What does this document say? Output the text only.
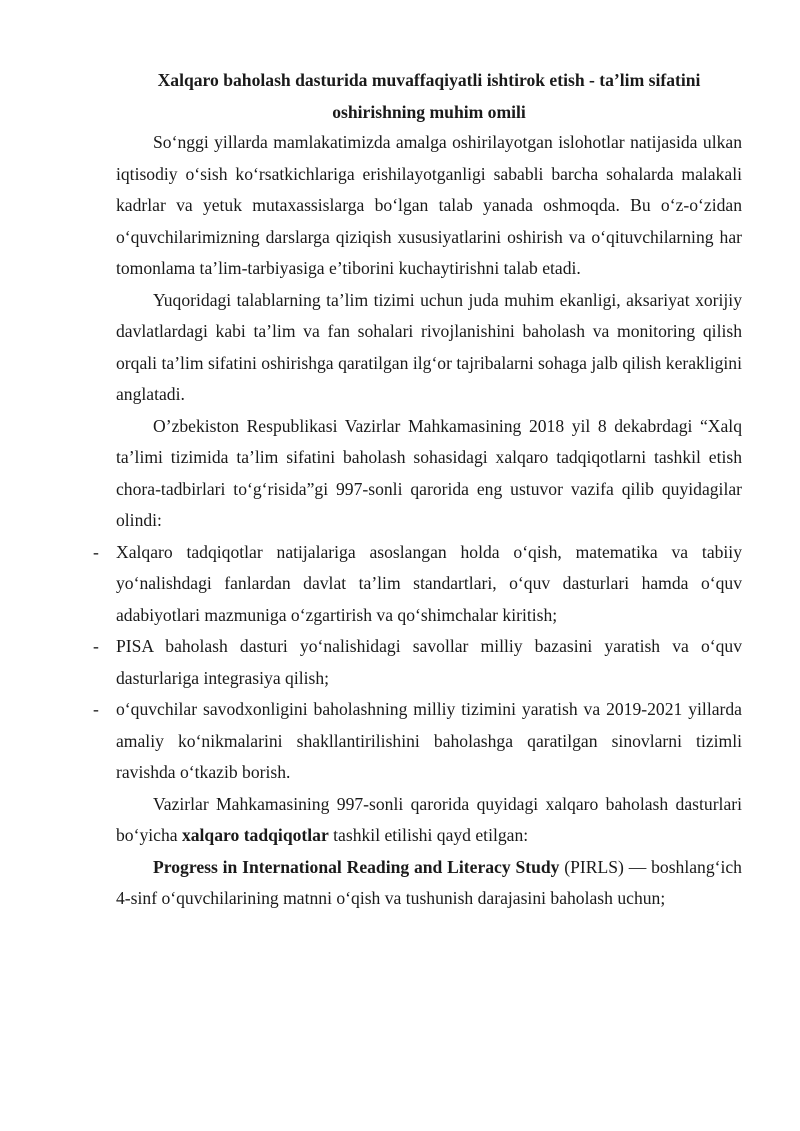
Xalqaro baholash dasturida muvaffaqiyatli ishtirok etish - ta’lim sifatini oshirishning muhim omili

So‘nggi yillarda mamlakatimizda amalga oshirilayotgan islohotlar natijasida ulkan iqtisodiy o‘sish ko‘rsatkichlariga erishilayotganligi sababli barcha sohalarda malakali kadrlar va yetuk mutaxassislarga bo‘lgan talab yanada oshmoqda. Bu o‘z-o‘zidan o‘quvchilarimizning darslarga qiziqish xususiyatlarini oshirish va o‘qituvchilarning har tomonlama ta’lim-tarbiyasiga e’tiborini kuchaytirishni talab etadi.

Yuqoridagi talablarning ta’lim tizimi uchun juda muhim ekanligi, aksariyat xorijiy davlatlardagi kabi ta’lim va fan sohalari rivojlanishini baholash va monitoring qilish orqali ta’lim sifatini oshirishga qaratilgan ilg‘or tajribalarni sohaga jalb qilish kerakligini anglatadi.

O’zbekiston Respublikasi Vazirlar Mahkamasining 2018 yil 8 dekabrdagi “Xalq ta’limi tizimida ta’lim sifatini baholash sohasidagi xalqaro tadqiqotlarni tashkil etish chora-tadbirlari to‘g‘risida”gi 997-sonli qarorida eng ustuvor vazifa qilib quyidagilar olindi:

- Xalqaro tadqiqotlar natijalariga asoslangan holda o‘qish, matematika va tabiiy yo‘nalishdagi fanlardan davlat ta’lim standartlari, o‘quv dasturlari hamda o‘quv adabiyotlari mazmuniga o‘zgartirish va qo‘shimchalar kiritish;

- PISA baholash dasturi yo‘nalishidagi savollar milliy bazasini yaratish va o‘quv dasturlariga integrasiya qilish;

- o‘quvchilar savodxonligini baholashning milliy tizimini yaratish va 2019-2021 yillarda amaliy ko‘nikmalarini shakllantirilishini baholashga qaratilgan sinovlarni tizimli ravishda o‘tkazib borish.

Vazirlar Mahkamasining 997-sonli qarorida quyidagi xalqaro baholash dasturlari bo‘yicha xalqaro tadqiqotlar tashkil etilishi qayd etilgan:

Progress in International Reading and Literacy Study (PIRLS) — boshlang‘ich 4-sinf o‘quvchilarining matnni o‘qish va tushunish darajasini baholash uchun;
